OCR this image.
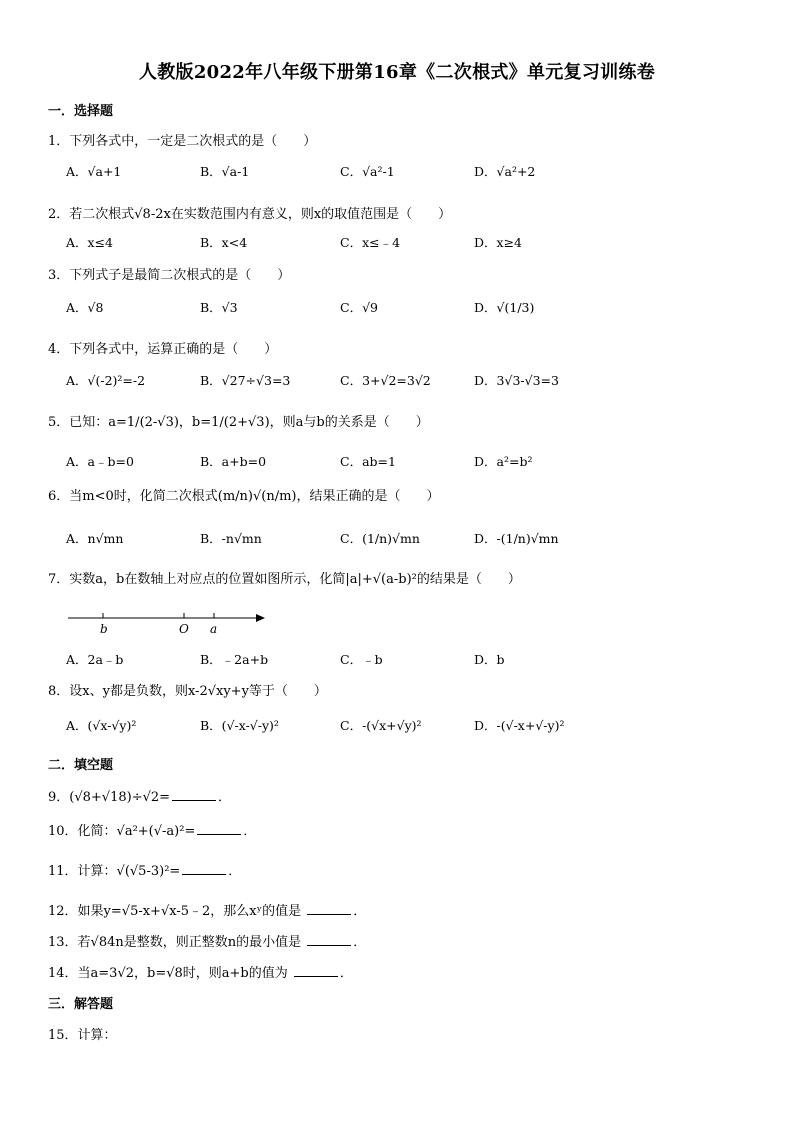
人教版2022年八年级下册第16章《二次根式》单元复习训练卷
一．选择题
1．下列各式中，一定是二次根式的是（　　）
A．√a+1	B．√a-1	C．√a²-1	D．√a²+2
2．若二次根式√8-2x在实数范围内有意义，则x的取值范围是（　　）
A．x≤4	B．x<4	C．x≤﹣4	D．x≥4
3．下列式子是最简二次根式的是（　　）
A．√8	B．√3	C．√9	D．√(1/3)
4．下列各式中，运算正确的是（　　）
A．√(-2)²=-2	B．√27÷√3=3	C．3+√2=3√2	D．3√3-√3=3
5．已知：a=1/(2-√3)，b=1/(2+√3)，则a与b的关系是（　　）
A．a﹣b=0	B．a+b=0	C．ab=1	D．a²=b²
6．当m<0时，化简二次根式(m/n)√(n/m)，结果正确的是（　　）
A．n√mn	B．-n√mn	C．(1/n)√mn	D．-(1/n)√mn
7．实数a，b在数轴上对应点的位置如图所示，化简|a|+√(a-b)²的结果是（　　）
b	O a
A．2a﹣b	B．﹣2a+b	C．﹣b	D．b
8．设x、y都是负数，则x-2√xy+y等于（　　）
A．(√x-√y)²	B．(√-x-√-y)²	C．-(√x+√y)²	D．-(√-x+√-y)²
二．填空题
9．(√8+√18)÷√2=	．
10．化简：√a²+(√-a)²=	．
11．计算：√(√5-3)²=	．
12．如果y=√5-x+√x-5﹣2，那么xʸ的值是	．
13．若√84n是整数，则正整数n的最小值是	．
14．当a=3√2，b=√8时，则a+b的值为	．
三．解答题
15．计算：
